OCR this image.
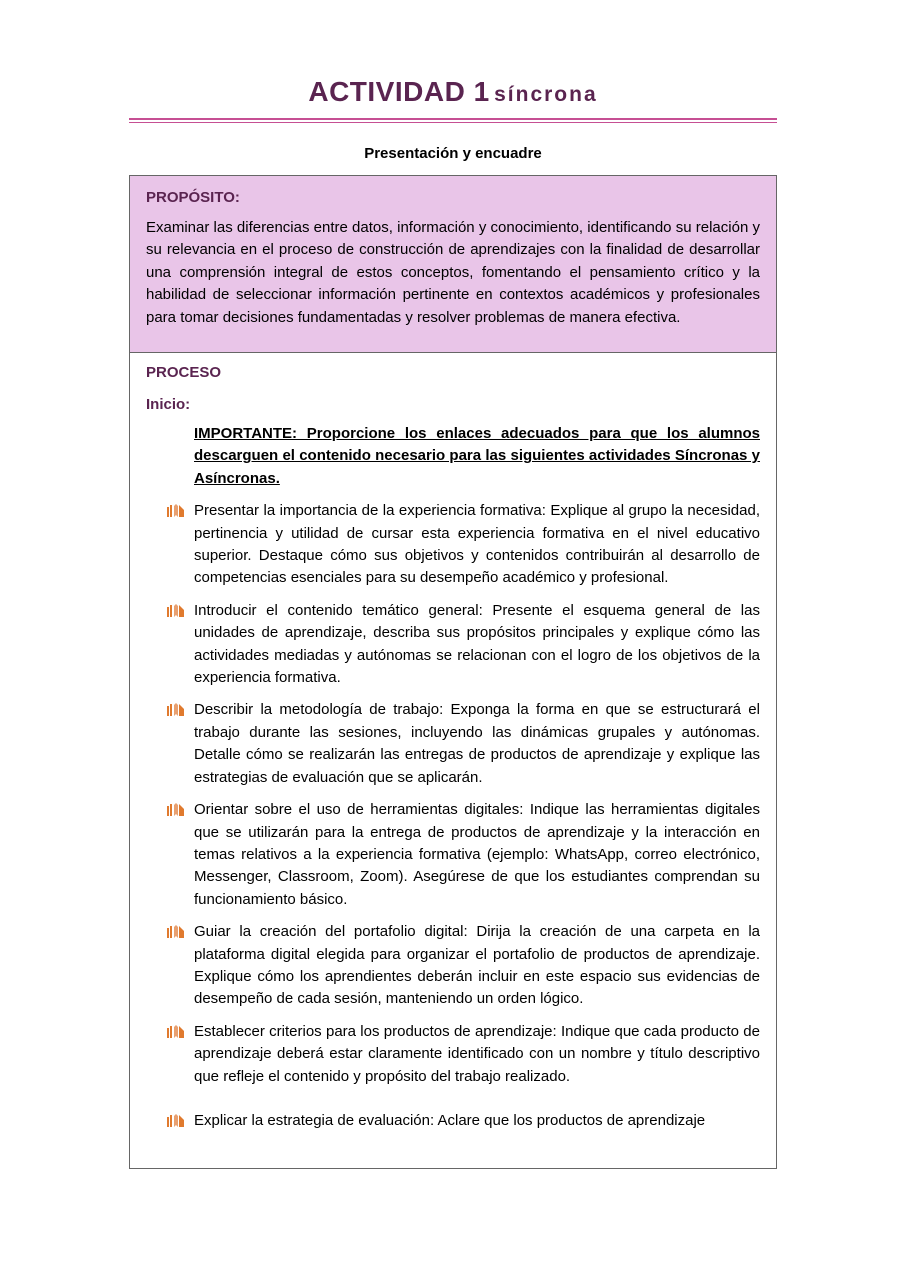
ACTIVIDAD 1 síncrona
Presentación y encuadre
PROPÓSITO:
Examinar las diferencias entre datos, información y conocimiento, identificando su relación y su relevancia en el proceso de construcción de aprendizajes con la finalidad de desarrollar una comprensión integral de estos conceptos, fomentando el pensamiento crítico y la habilidad de seleccionar información pertinente en contextos académicos y profesionales para tomar decisiones fundamentadas y resolver problemas de manera efectiva.
PROCESO
Inicio:
IMPORTANTE: Proporcione los enlaces adecuados para que los alumnos descarguen el contenido necesario para las siguientes actividades Síncronas y Asíncronas.
Presentar la importancia de la experiencia formativa: Explique al grupo la necesidad, pertinencia y utilidad de cursar esta experiencia formativa en el nivel educativo superior. Destaque cómo sus objetivos y contenidos contribuirán al desarrollo de competencias esenciales para su desempeño académico y profesional.
Introducir el contenido temático general: Presente el esquema general de las unidades de aprendizaje, describa sus propósitos principales y explique cómo las actividades mediadas y autónomas se relacionan con el logro de los objetivos de la experiencia formativa.
Describir la metodología de trabajo: Exponga la forma en que se estructurará el trabajo durante las sesiones, incluyendo las dinámicas grupales y autónomas. Detalle cómo se realizarán las entregas de productos de aprendizaje y explique las estrategias de evaluación que se aplicarán.
Orientar sobre el uso de herramientas digitales: Indique las herramientas digitales que se utilizarán para la entrega de productos de aprendizaje y la interacción en temas relativos a la experiencia formativa (ejemplo: WhatsApp, correo electrónico, Messenger, Classroom, Zoom). Asegúrese de que los estudiantes comprendan su funcionamiento básico.
Guiar la creación del portafolio digital: Dirija la creación de una carpeta en la plataforma digital elegida para organizar el portafolio de productos de aprendizaje. Explique cómo los aprendientes deberán incluir en este espacio sus evidencias de desempeño de cada sesión, manteniendo un orden lógico.
Establecer criterios para los productos de aprendizaje: Indique que cada producto de aprendizaje deberá estar claramente identificado con un nombre y título descriptivo que refleje el contenido y propósito del trabajo realizado.
Explicar la estrategia de evaluación: Aclare que los productos de aprendizaje
